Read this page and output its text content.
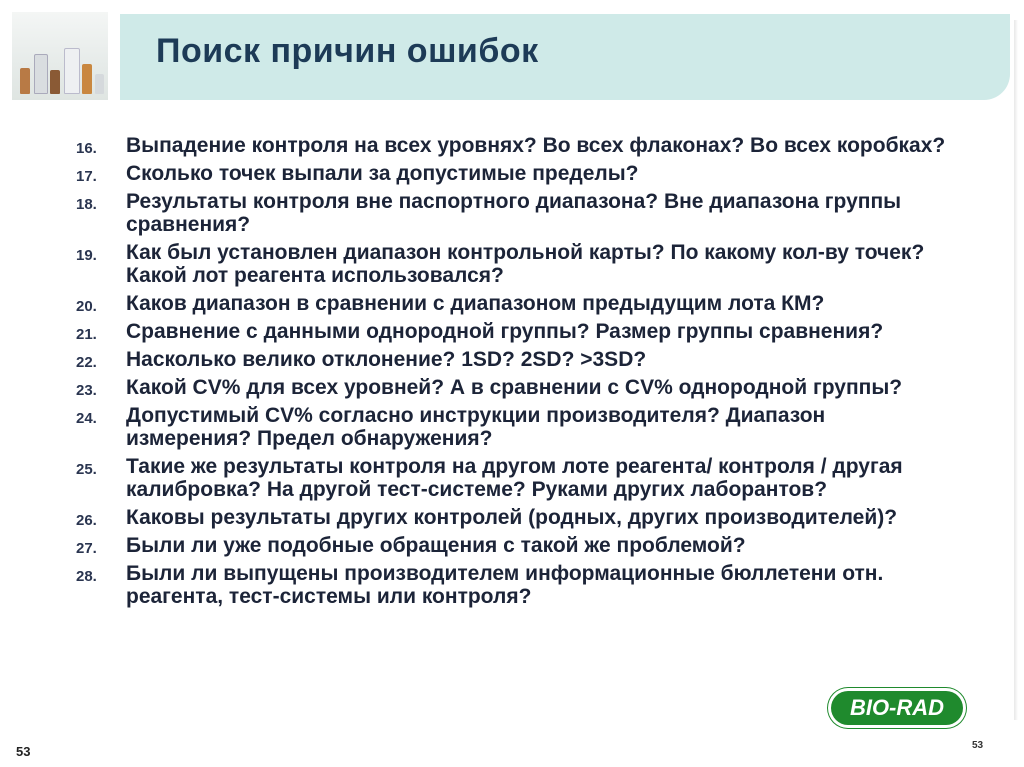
Поиск причин ошибок
16.	Выпадение контроля на всех уровнях? Во всех флаконах? Во всех коробках?
17.	Сколько точек выпали за допустимые пределы?
18.	Результаты контроля вне паспортного диапазона? Вне диапазона группы сравнения?
19.	Как был установлен диапазон контрольной карты? По какому кол-ву точек? Какой лот реагента использовался?
20.	Каков диапазон в сравнении с диапазоном предыдущим лота КМ?
21.	Сравнение с данными однородной группы? Размер группы сравнения?
22.	Насколько велико отклонение? 1SD? 2SD? >3SD?
23.	Какой CV% для всех уровней? А в сравнении с CV% однородной группы?
24.	Допустимый CV% согласно инструкции производителя? Диапазон измерения? Предел обнаружения?
25.	Такие же результаты контроля на другом лоте реагента/ контроля / другая калибровка? На другой тест-системе? Руками других лаборантов?
26.	Каковы результаты других контролей (родных, других производителей)?
27.	Были ли уже подобные обращения с такой же проблемой?
28.	Были ли выпущены производителем информационные бюллетени отн. реагента, тест-системы или контроля?
BIO-RAD
53	53
